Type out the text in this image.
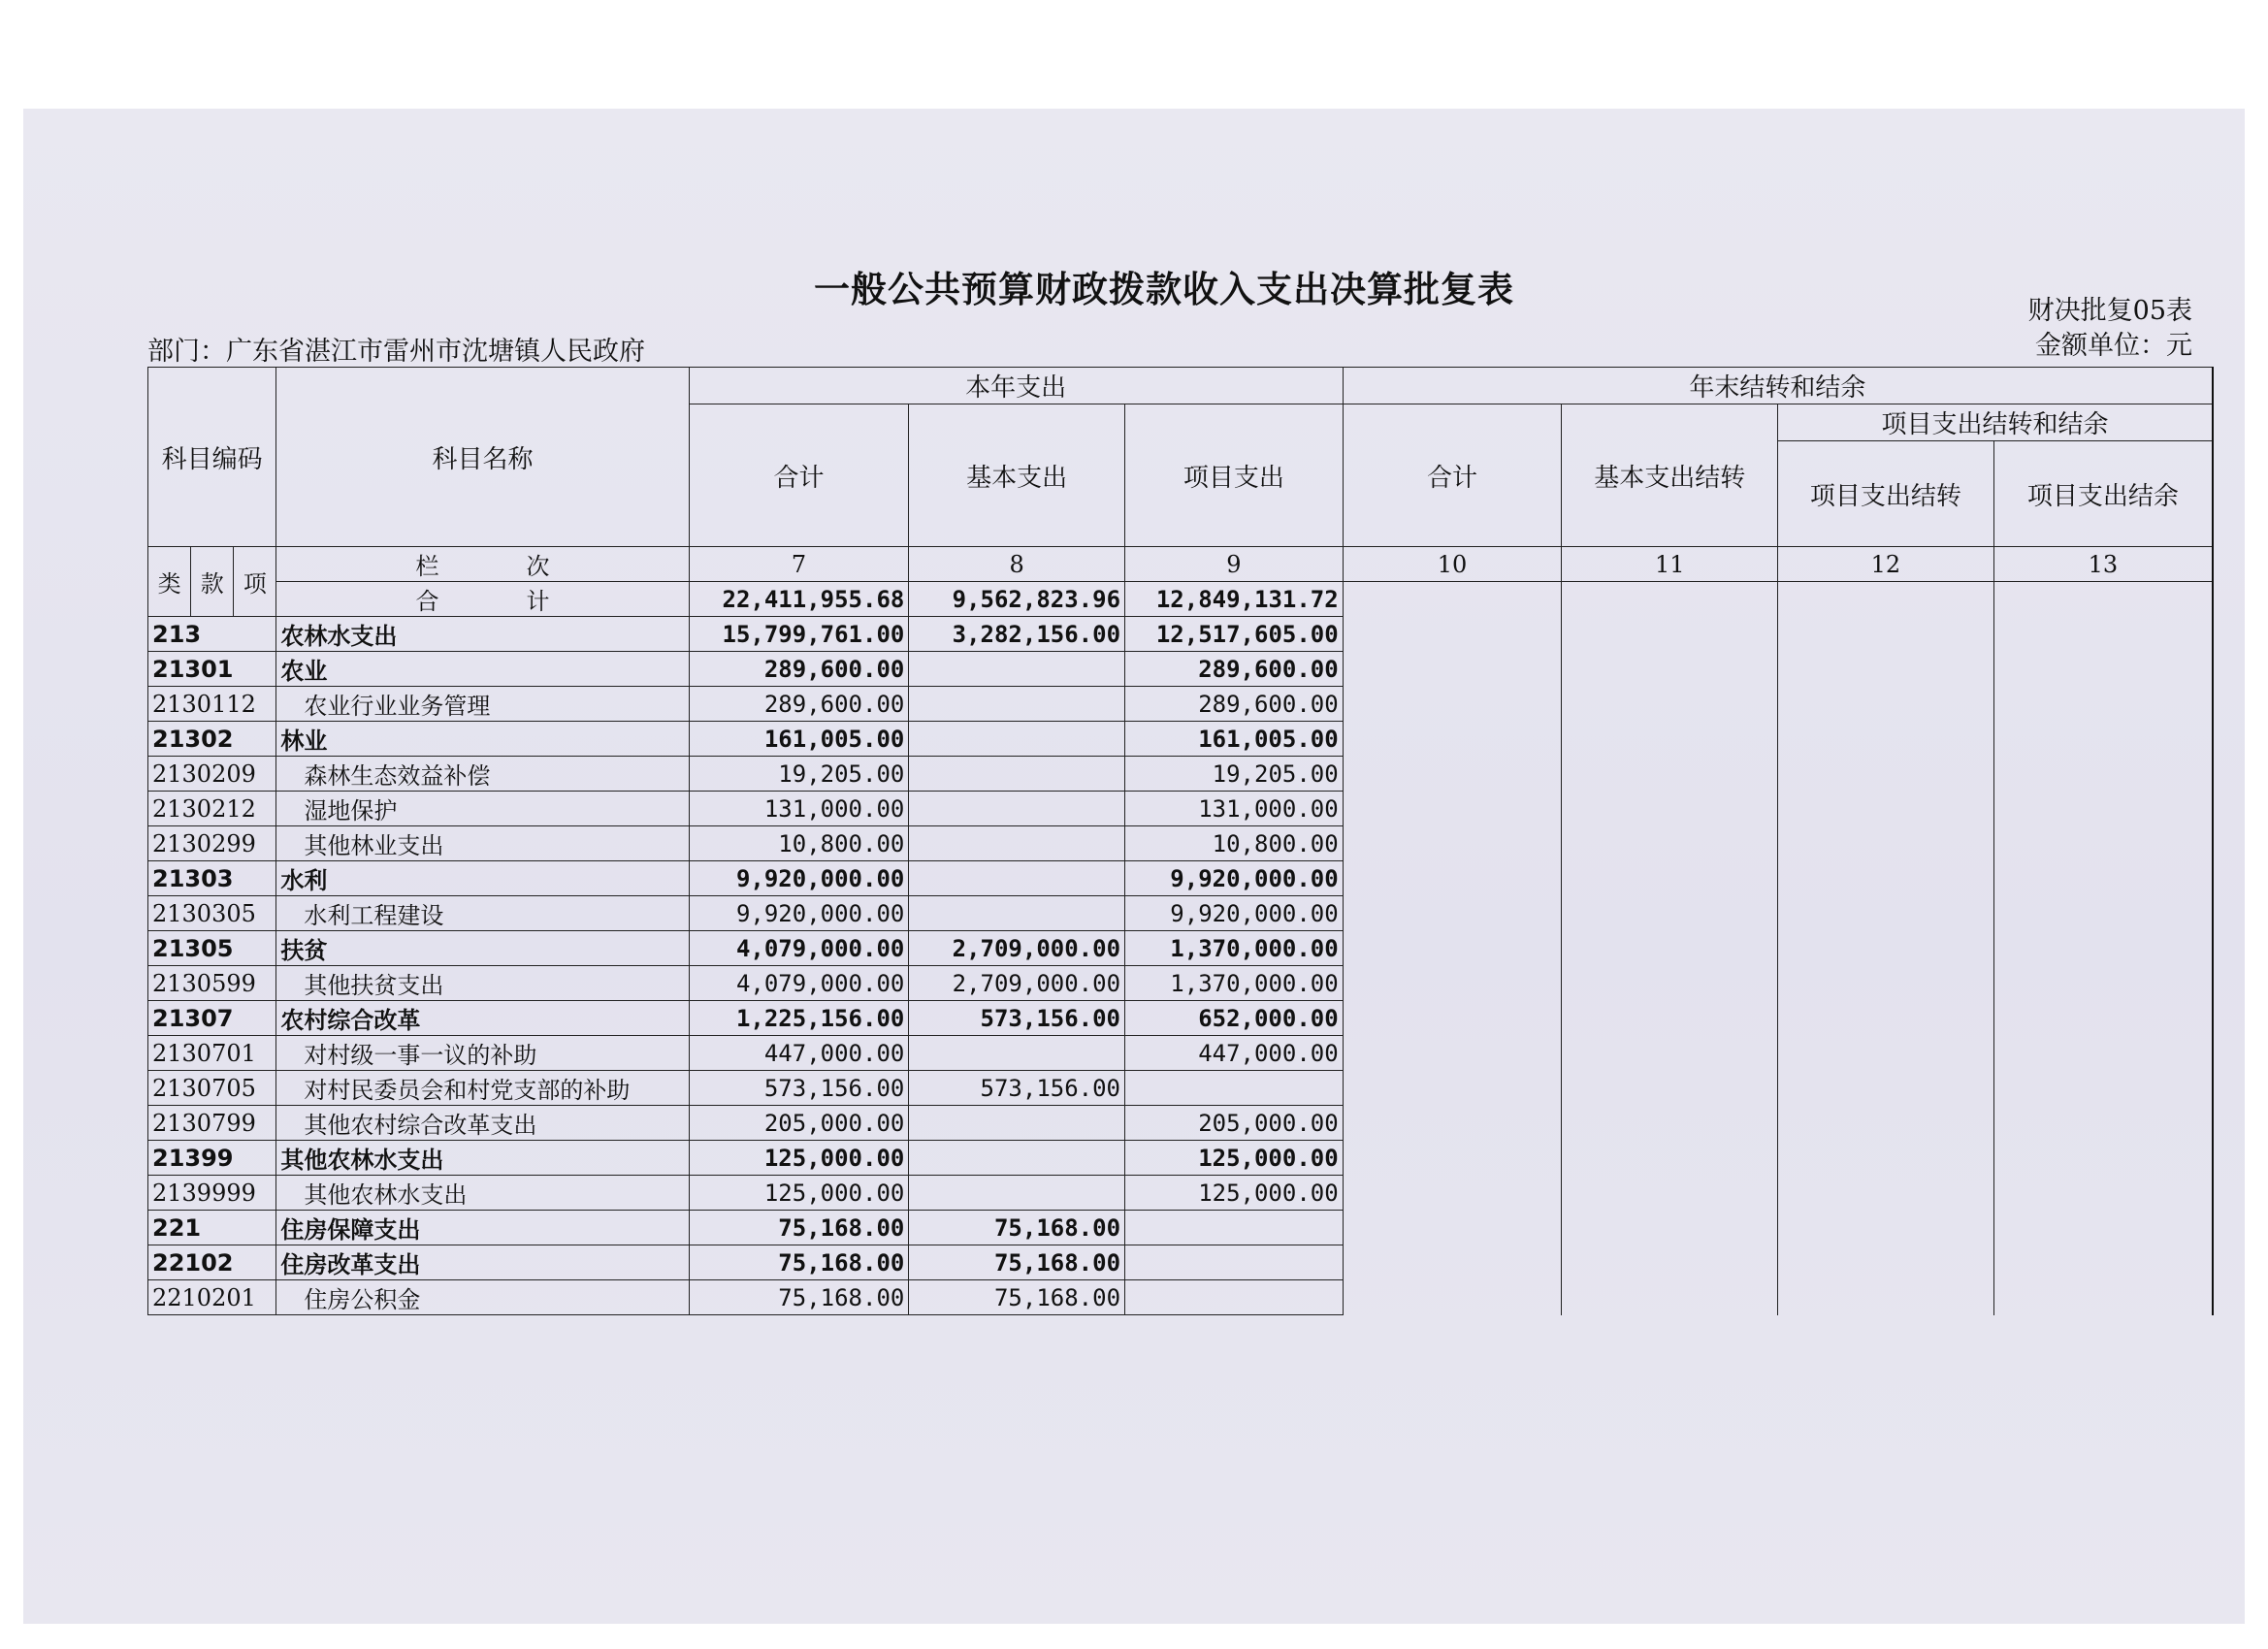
一般公共预算财政拨款收入支出决算批复表
财决批复05表
部门：广东省湛江市雷州市沈塘镇人民政府	金额单位：元
科目编码			科目名称	本年支出			年末结转和结余			
				合计	基本支出	项目支出	合计	基本支出结转	项目支出结转和结余	
									项目支出结转	项目支出结余
类	款	项	栏 次	7	8	9	10	11	12	13
			合 计	22,411,955.68	9,562,823.96	12,849,131.72				
213			农林水支出	15,799,761.00	3,282,156.00	12,517,605.00				
21301			农业	289,600.00		289,600.00				
2130112			农业行业业务管理	289,600.00		289,600.00				
21302			林业	161,005.00		161,005.00				
2130209			森林生态效益补偿	19,205.00		19,205.00				
2130212			湿地保护	131,000.00		131,000.00				
2130299			其他林业支出	10,800.00		10,800.00				
21303			水利	9,920,000.00		9,920,000.00				
2130305			水利工程建设	9,920,000.00		9,920,000.00				
21305			扶贫	4,079,000.00	2,709,000.00	1,370,000.00				
2130599			其他扶贫支出	4,079,000.00	2,709,000.00	1,370,000.00				
21307			农村综合改革	1,225,156.00	573,156.00	652,000.00				
2130701			对村级一事一议的补助	447,000.00		447,000.00				
2130705			对村民委员会和村党支部的补助	573,156.00	573,156.00					
2130799			其他农村综合改革支出	205,000.00		205,000.00				
21399			其他农林水支出	125,000.00		125,000.00				
2139999			其他农林水支出	125,000.00		125,000.00				
221			住房保障支出	75,168.00	75,168.00					
22102			住房改革支出	75,168.00	75,168.00					
2210201			住房公积金	75,168.00	75,168.00					
